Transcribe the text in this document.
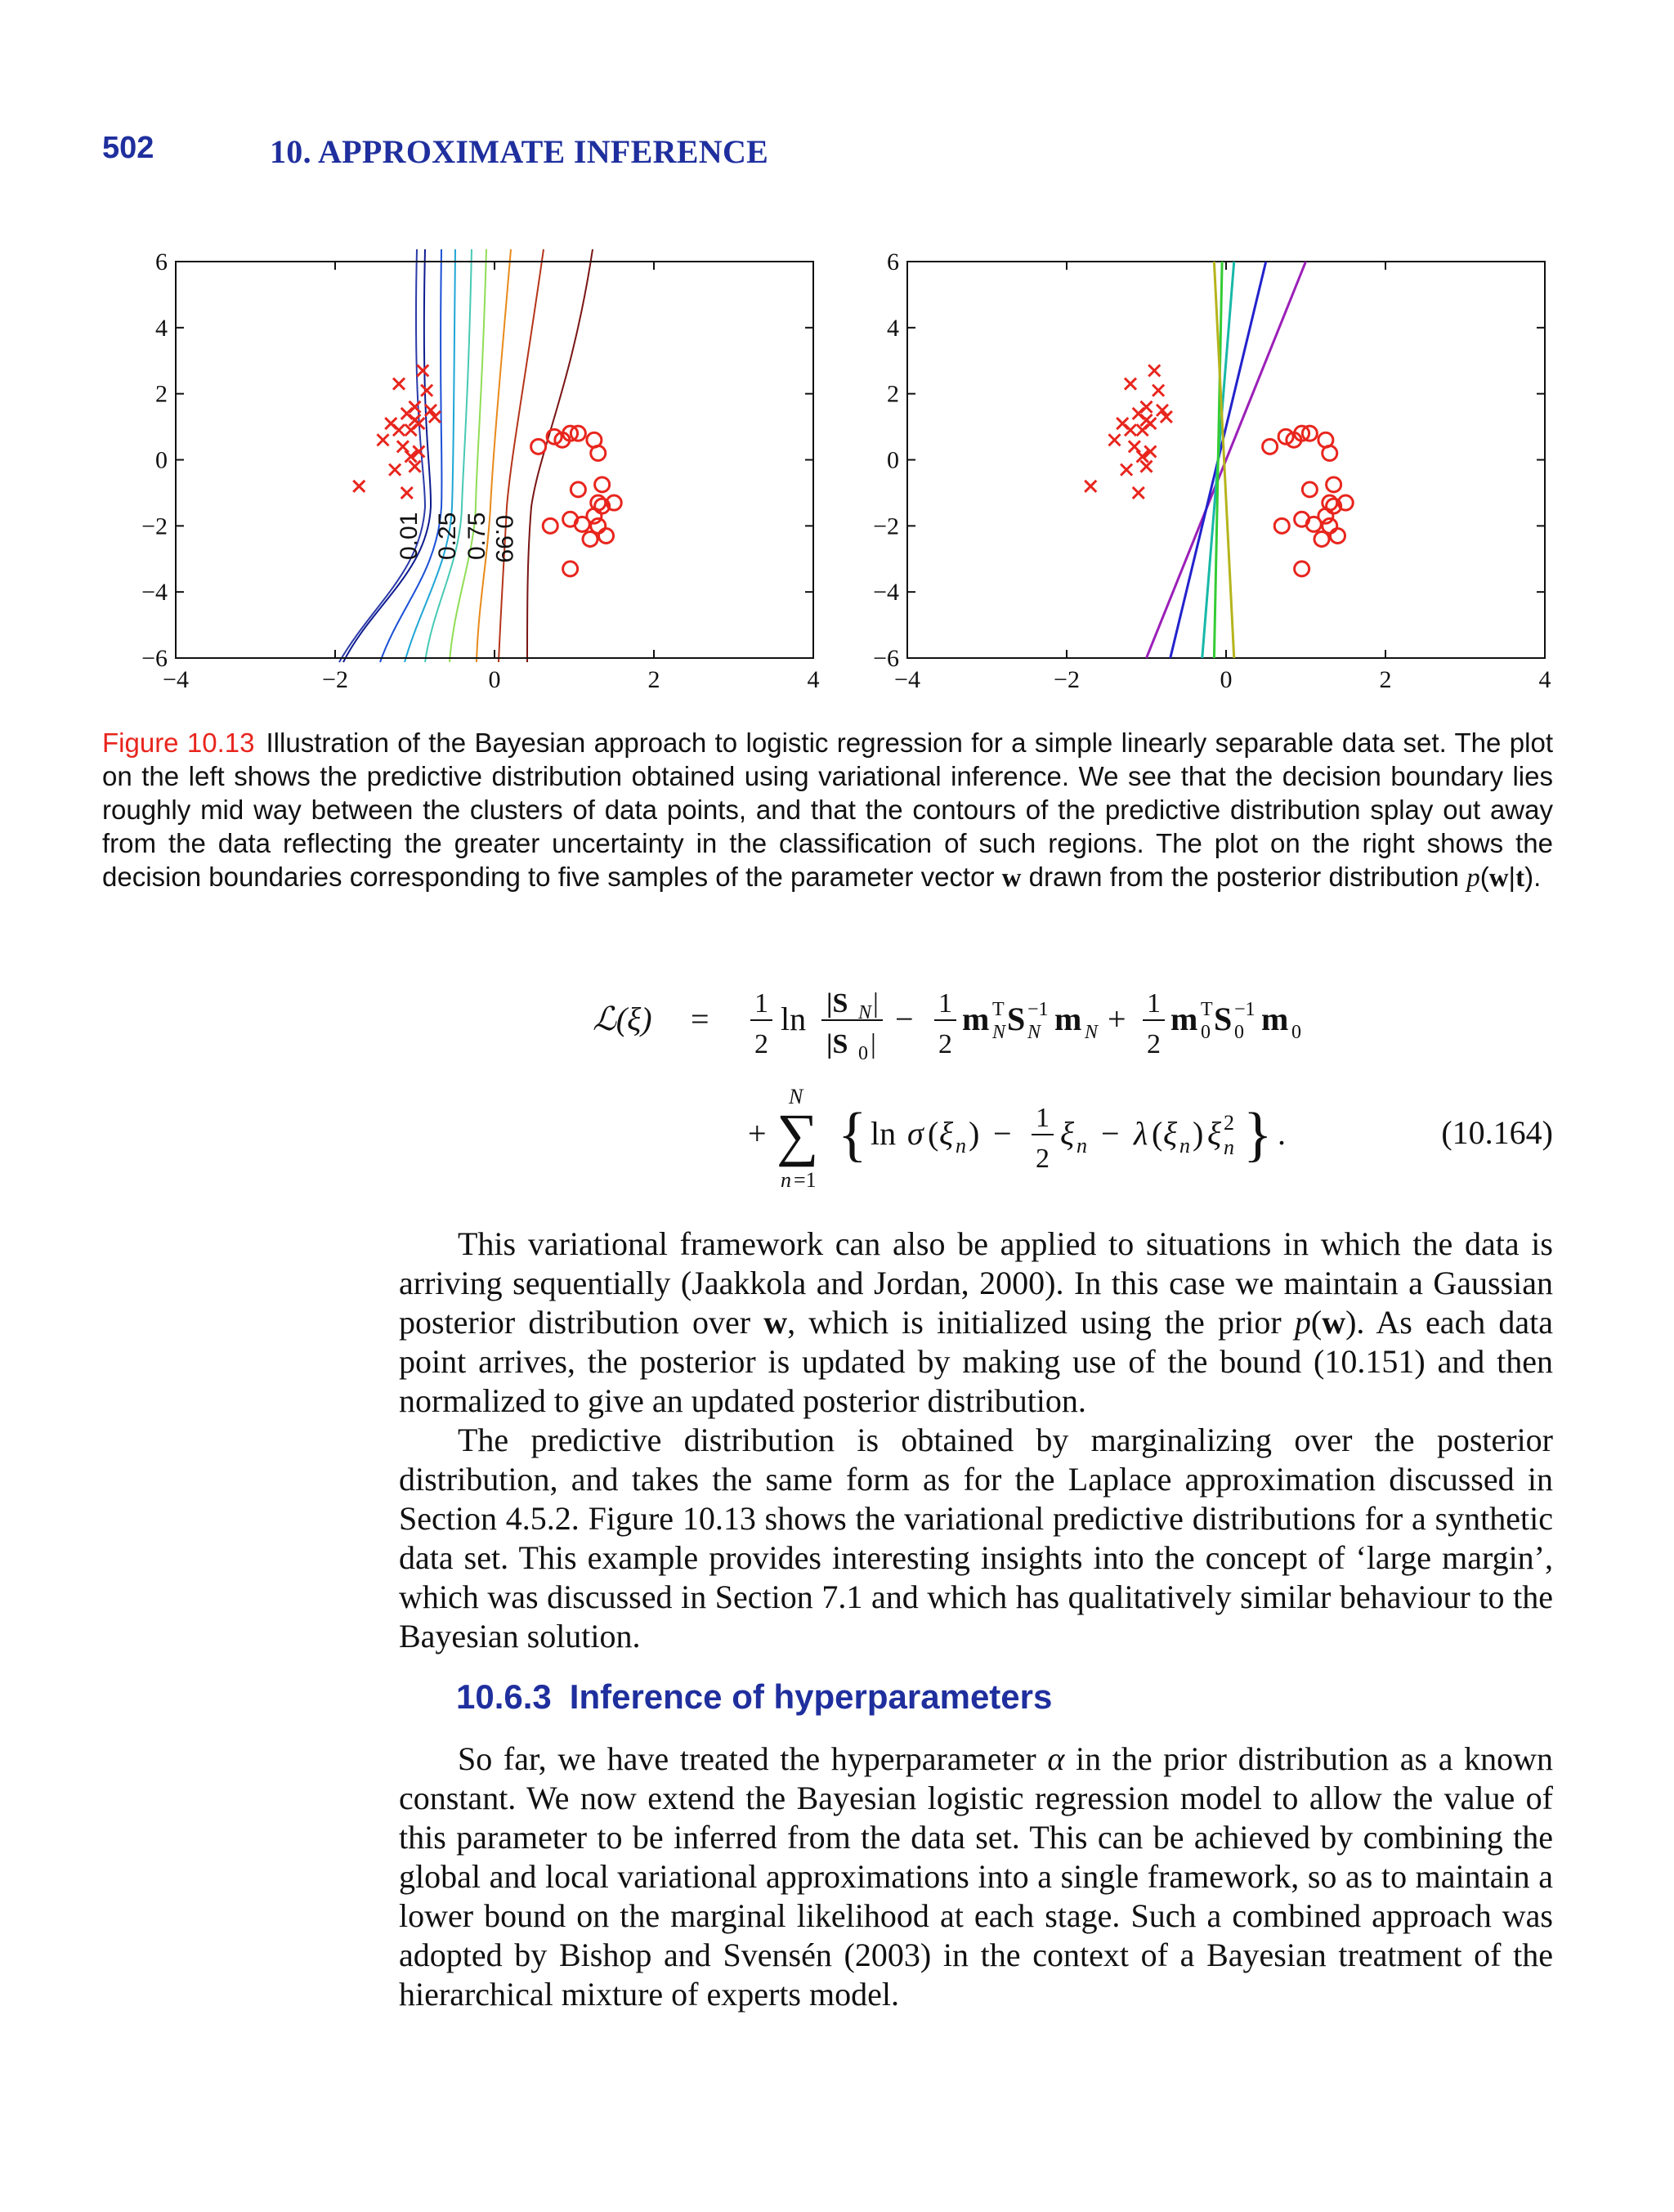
502	10. APPROXIMATE INFERENCE
0.01 0.25 0.75 0.99
−4	−2	0	2	4
6
4
2
0
−2
−4
−6
−4	−2	0	2	4
6
4
2
0
−2
−4
−6
Figure 10.13 Illustration of the Bayesian approach to logistic regression for a simple linearly separable data set. The plot on the left shows the predictive distribution obtained using variational inference. We see that the decision boundary lies roughly mid way between the clusters of data points, and that the contours of the predictive distribution splay out away from the data reflecting the greater uncertainty in the classification of such regions. The plot on the right shows the decision boundaries corresponding to five samples of the parameter vector w drawn from the posterior distribution p(w|t).
ℒ(ξ) = 1
2
ln |S N |
|S 0 |
− 1
2
m T
N S −1
N m N + 1
2
m T
0 S −1
0 m 0
+
N
∑
n =1
{ ln σ ( ξ n ) − 1
2
ξ n − λ ( ξ n ) ξ 2
n } .	(10.164)

This variational framework can also be applied to situations in which the data is arriving sequentially (Jaakkola and Jordan, 2000). In this case we maintain a Gaussian posterior distribution over w, which is initialized using the prior p(w). As each data point arrives, the posterior is updated by making use of the bound (10.151) and then normalized to give an updated posterior distribution.

The predictive distribution is obtained by marginalizing over the posterior distribution, and takes the same form as for the Laplace approximation discussed in Section 4.5.2. Figure 10.13 shows the variational predictive distributions for a synthetic data set. This example provides interesting insights into the concept of ‘large margin’, which was discussed in Section 7.1 and which has qualitatively similar behaviour to the Bayesian solution.

10.6.3 Inference of hyperparameters

So far, we have treated the hyperparameter α in the prior distribution as a known constant. We now extend the Bayesian logistic regression model to allow the value of this parameter to be inferred from the data set. This can be achieved by combining the global and local variational approximations into a single framework, so as to maintain a lower bound on the marginal likelihood at each stage. Such a combined approach was adopted by Bishop and Svensén (2003) in the context of a Bayesian treatment of the hierarchical mixture of experts model.
